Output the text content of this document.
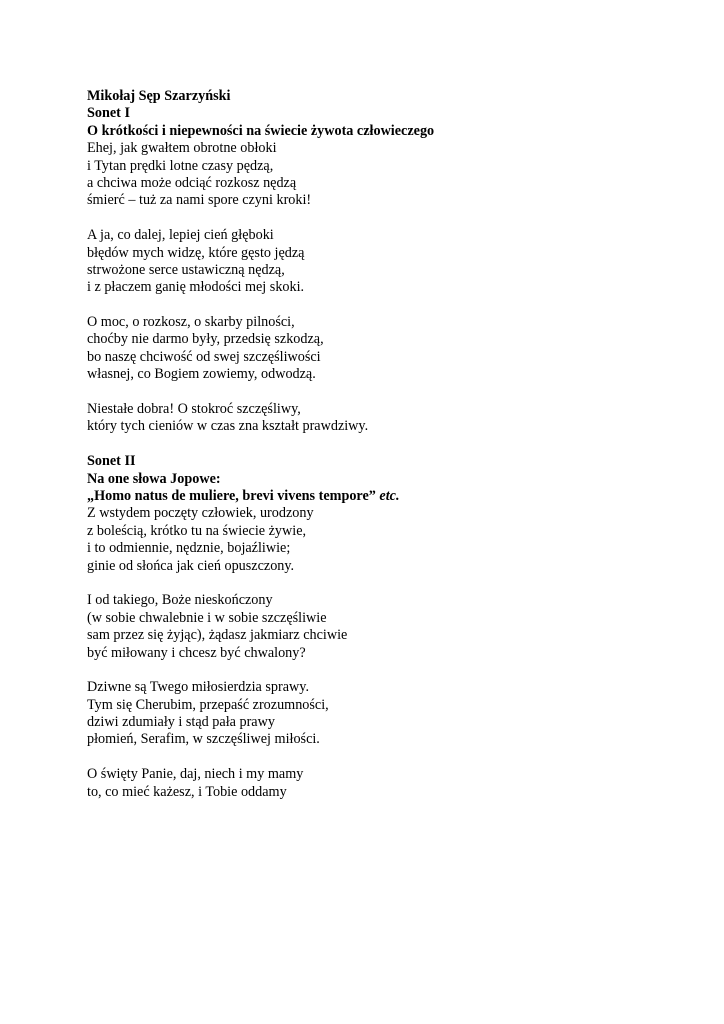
Mikołaj Sęp Szarzyński
Sonet I
O krótkości i niepewności na świecie żywota człowieczego
Ehej, jak gwałtem obrotne obłoki
i Tytan prędki lotne czasy pędzą,
a chciwa może odciąć rozkosz nędzą
śmierć – tuż za nami spore czyni kroki!
A ja, co dalej, lepiej cień głęboki
błędów mych widzę, które gęsto jędzą
strwożone serce ustawiczną nędzą,
i z płaczem ganię młodości mej skoki.
O moc, o rozkosz, o skarby pilności,
choćby nie darmo były, przedsię szkodzą,
bo naszę chciwość od swej szczęśliwości
własnej, co Bogiem zowiemy, odwodzą.
Niestałe dobra! O stokroć szczęśliwy,
który tych cieniów w czas zna kształt prawdziwy.
Sonet II
Na one słowa Jopowe:
„Homo natus de muliere, brevi vivens tempore” etc.
Z wstydem poczęty człowiek, urodzony
z boleścią, krótko tu na świecie żywie,
i to odmiennie, nędznie, bojaźliwie;
ginie od słońca jak cień opuszczony.
I od takiego, Boże nieskończony
(w sobie chwalebnie i w sobie szczęśliwie
sam przez się żyjąc), żądasz jakmiarz chciwie
być miłowany i chcesz być chwalony?
Dziwne są Twego miłosierdzia sprawy.
Tym się Cherubim, przepaść zrozumności,
dziwi zdumiały i stąd pała prawy
płomień, Serafim, w szczęśliwej miłości.
O święty Panie, daj, niech i my mamy
to, co mieć każesz, i Tobie oddamy
